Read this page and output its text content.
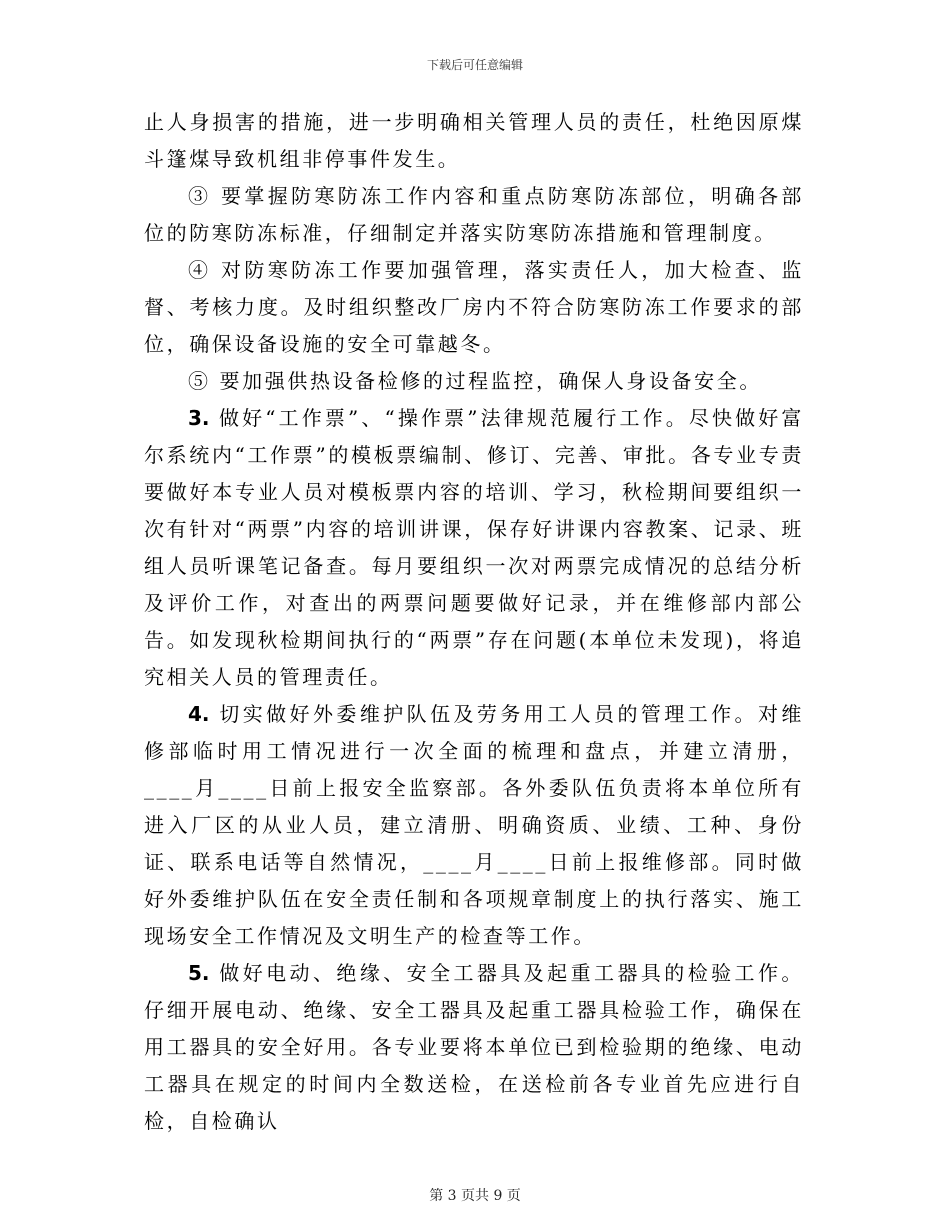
下载后可任意编辑

止人身损害的措施，进一步明确相关管理人员的责任，杜绝因原煤斗篷煤导致机组非停事件发生。

③ 要掌握防寒防冻工作内容和重点防寒防冻部位，明确各部位的防寒防冻标准，仔细制定并落实防寒防冻措施和管理制度。

④ 对防寒防冻工作要加强管理，落实责任人，加大检查、监督、考核力度。及时组织整改厂房内不符合防寒防冻工作要求的部位，确保设备设施的安全可靠越冬。

⑤ 要加强供热设备检修的过程监控，确保人身设备安全。

3. 做好“工作票”、“操作票”法律规范履行工作。尽快做好富尔系统内“工作票”的模板票编制、修订、完善、审批。各专业专责要做好本专业人员对模板票内容的培训、学习，秋检期间要组织一次有针对“两票”内容的培训讲课，保存好讲课内容教案、记录、班组人员听课笔记备查。每月要组织一次对两票完成情况的总结分析及评价工作，对查出的两票问题要做好记录，并在维修部内部公告。如发现秋检期间执行的“两票”存在问题(本单位未发现)，将追究相关人员的管理责任。

4. 切实做好外委维护队伍及劳务用工人员的管理工作。对维修部临时用工情况进行一次全面的梳理和盘点，并建立清册，____月____日前上报安全监察部。各外委队伍负责将本单位所有进入厂区的从业人员，建立清册、明确资质、业绩、工种、身份证、联系电话等自然情况，____月____日前上报维修部。同时做好外委维护队伍在安全责任制和各项规章制度上的执行落实、施工现场安全工作情况及文明生产的检查等工作。

5. 做好电动、绝缘、安全工器具及起重工器具的检验工作。仔细开展电动、绝缘、安全工器具及起重工器具检验工作，确保在用工器具的安全好用。各专业要将本单位已到检验期的绝缘、电动工器具在规定的时间内全数送检，在送检前各专业首先应进行自检，自检确认

第 3 页共 9 页
